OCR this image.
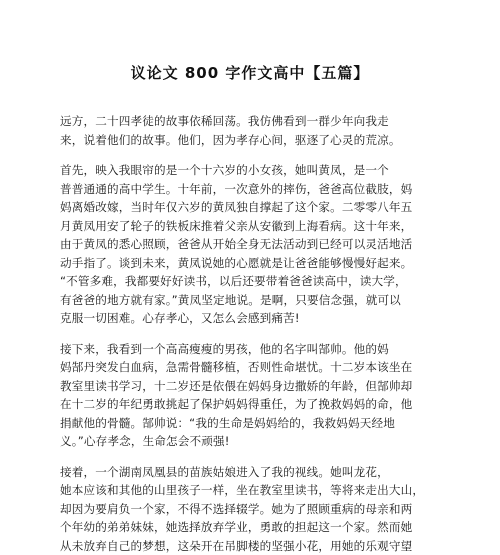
议论文 800 字作文高中【五篇】
远方，二十四孝徒的故事依稀回荡。我仿佛看到一群少年向我走
来，说着他们的故事。他们，因为孝存心间，驱逐了心灵的荒凉。
首先，映入我眼帘的是一个十六岁的小女孩，她叫黄凤，是一个
普普通通的高中学生。十年前，一次意外的摔伤，爸爸高位截肢，妈
妈离婚改嫁，当时年仅六岁的黄凤独自撑起了这个家。二零零八年五
月黄凤用安了轮子的铁板床推着父亲从安徽到上海看病。这十年来，
由于黄凤的悉心照顾，爸爸从开始全身无法活动到已经可以灵活地活
动手指了。谈到未来，黄凤说她的心愿就是让爸爸能够慢慢好起来。
“不管多难，我都要好好读书，以后还要带着爸爸读高中，读大学，
有爸爸的地方就有家。”黄凤坚定地说。是啊，只要信念强，就可以
克服一切困难。心存孝心，又怎么会感到痛苦!
接下来，我看到一个高高瘦瘦的男孩，他的名字叫郜帅。他的妈
妈郜丹突发白血病，急需骨髓移植，否则性命堪忧。十二岁本该坐在
教室里读书学习，十二岁还是依偎在妈妈身边撒娇的年龄，但郜帅却
在十二岁的年纪勇敢挑起了保护妈妈得重任，为了挽救妈妈的命，他
捐献他的骨髓。郜帅说：“我的生命是妈妈给的，我救妈妈天经地
义。”心存孝念，生命怎会不顽强!
接着，一个湖南凤凰县的苗族姑娘进入了我的视线。她叫龙花，
她本应该和其他的山里孩子一样，坐在教室里读书，等将来走出大山，
却因为要肩负一个家，不得不选择辍学。她为了照顾重病的母亲和两
个年幼的弟弟妹妹，她选择放弃学业，勇敢的担起这一个家。然而她
从未放弃自己的梦想，这朵开在吊脚楼的坚强小花，用她的乐观守望
